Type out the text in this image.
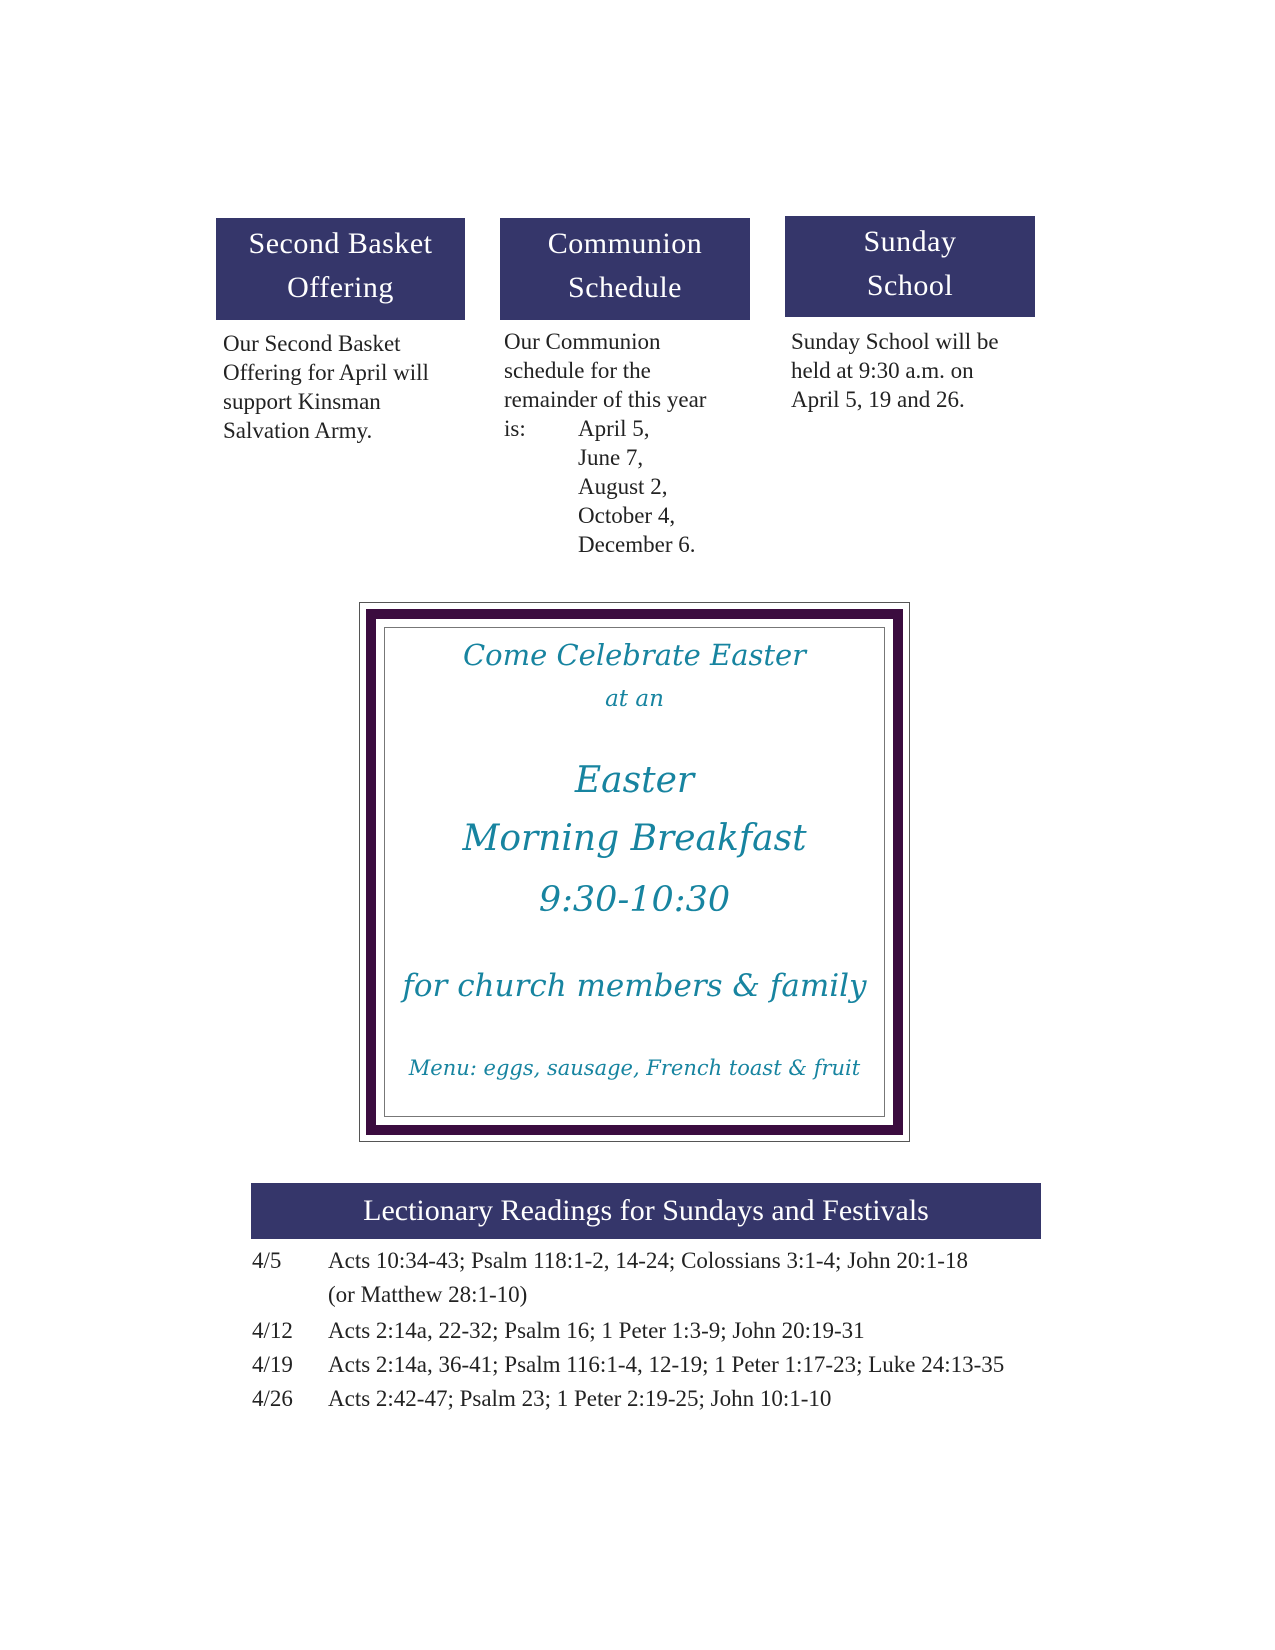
Second Basket
Offering
Our Second Basket
Offering for April will
support Kinsman
Salvation Army.
Communion
Schedule
Our Communion
schedule for the
remainder of this year
is:	April 5,
June 7,
August 2,
October 4,
December 6.
Sunday
School
Sunday School will be
held at 9:30 a.m. on
April 5, 19 and 26.
Come Celebrate Easter
at an
Easter
Morning Breakfast
9:30-10:30
for church members & family
Menu: eggs, sausage, French toast & fruit
Lectionary Readings for Sundays and Festivals
4/5 Acts 10:34-43; Psalm 118:1-2, 14-24; Colossians 3:1-4; John 20:1-18
(or Matthew 28:1-10)
4/12 Acts 2:14a, 22-32; Psalm 16; 1 Peter 1:3-9; John 20:19-31
4/19 Acts 2:14a, 36-41; Psalm 116:1-4, 12-19; 1 Peter 1:17-23; Luke 24:13-35
4/26 Acts 2:42-47; Psalm 23; 1 Peter 2:19-25; John 10:1-10
